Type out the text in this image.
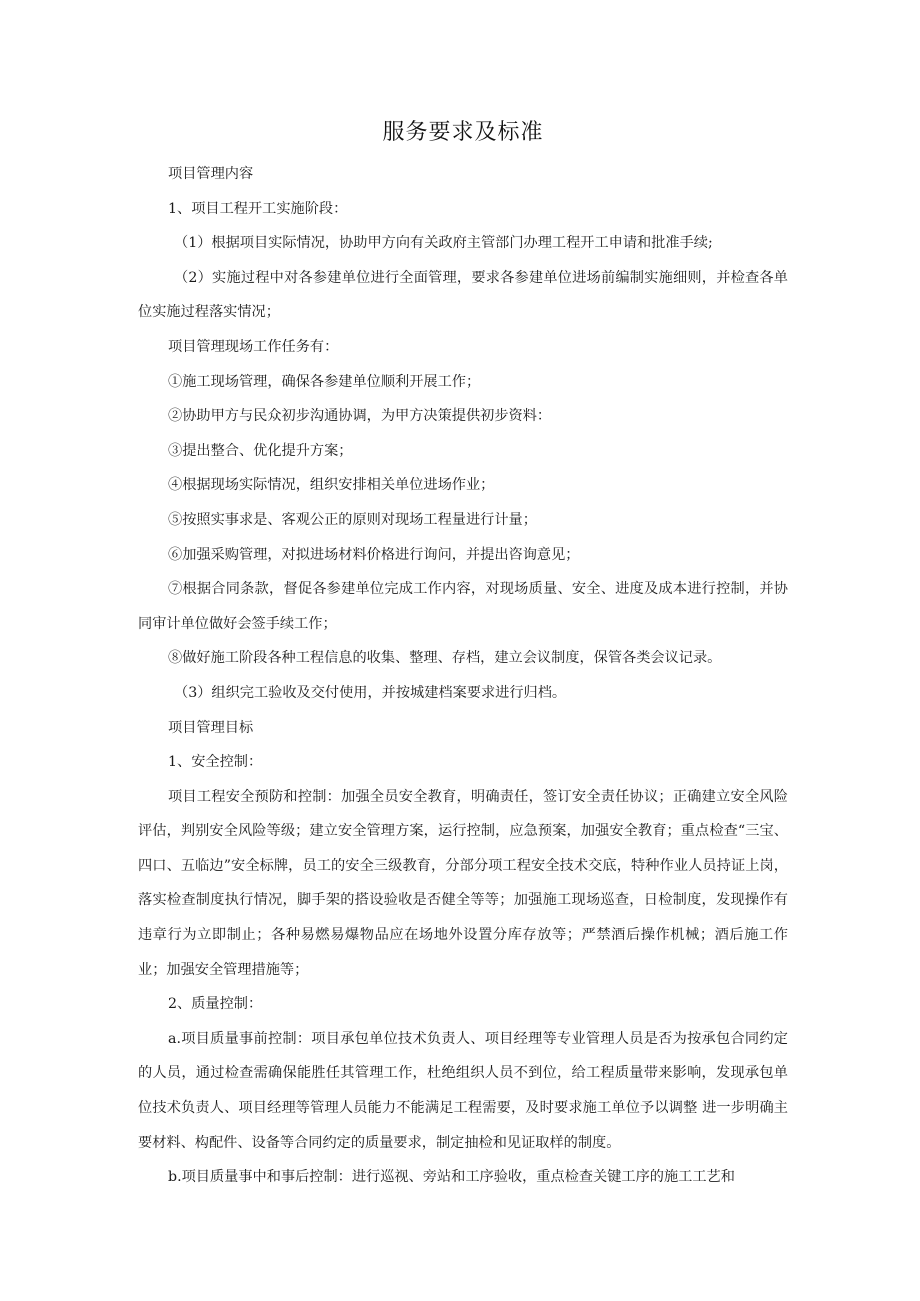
服务要求及标准

项目管理内容

1、项目工程开工实施阶段：

（1）根据项目实际情况，协助甲方向有关政府主管部门办理工程开工申请和批准手续;

（2）实施过程中对各参建单位进行全面管理，要求各参建单位进场前编制实施细则，并检查各单位实施过程落实情况；

项目管理现场工作任务有：

①施工现场管理，确保各参建单位顺利开展工作；

②协助甲方与民众初步沟通协调，为甲方决策提供初步资料：

③提出整合、优化提升方案；

④根据现场实际情况，组织安排相关单位进场作业；

⑤按照实事求是、客观公正的原则对现场工程量进行计量；

⑥加强采购管理，对拟进场材料价格进行询问，并提出咨询意见；

⑦根据合同条款，督促各参建单位完成工作内容，对现场质量、安全、进度及成本进行控制，并协同审计单位做好会签手续工作；

⑧做好施工阶段各种工程信息的收集、整理、存档，建立会议制度，保管各类会议记录。

（3）组织完工验收及交付使用，并按城建档案要求进行归档。

项目管理目标

1、安全控制：

项目工程安全预防和控制：加强全员安全教育，明确责任，签订安全责任协议；正确建立安全风险评估，判别安全风险等级；建立安全管理方案，运行控制，应急预案，加强安全教育；重点检查“三宝、四口、五临边”安全标牌，员工的安全三级教育，分部分项工程安全技术交底，特种作业人员持证上岗，落实检查制度执行情况，脚手架的搭设验收是否健全等等；加强施工现场巡查，日检制度，发现操作有违章行为立即制止；各种易燃易爆物品应在场地外设置分库存放等；严禁酒后操作机械；酒后施工作业；加强安全管理措施等；

2、质量控制：

a.项目质量事前控制：项目承包单位技术负责人、项目经理等专业管理人员是否为按承包合同约定的人员，通过检查需确保能胜任其管理工作，杜绝组织人员不到位，给工程质量带来影响，发现承包单位技术负责人、项目经理等管理人员能力不能满足工程需要，及时要求施工单位予以调整 进一步明确主要材料、构配件、设备等合同约定的质量要求，制定抽检和见证取样的制度。

b.项目质量事中和事后控制：进行巡视、旁站和工序验收，重点检查关键工序的施工工艺和
